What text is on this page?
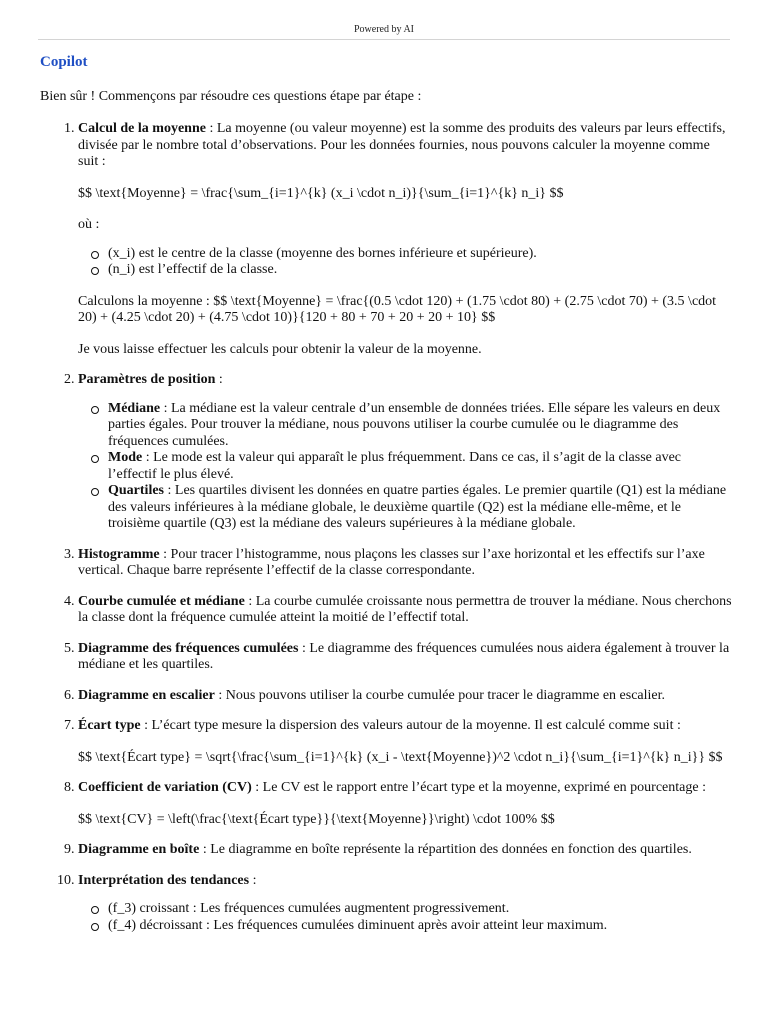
Powered by AI
Copilot

Bien sûr ! Commençons par résoudre ces questions étape par étape :

1. Calcul de la moyenne : La moyenne (ou valeur moyenne) est la somme des produits des valeurs par leurs effectifs, divisée par le nombre total d’observations. Pour les données fournies, nous pouvons calculer la moyenne comme suit :

$$ \text{Moyenne} = \frac{\sum_{i=1}^{k} (x_i \cdot n_i)}{\sum_{i=1}^{k} n_i} $$

où :

(x_i) est le centre de la classe (moyenne des bornes inférieure et supérieure).
(n_i) est l’effectif de la classe.

Calculons la moyenne : $$ \text{Moyenne} = \frac{(0.5 \cdot 120) + (1.75 \cdot 80) + (2.75 \cdot 70) + (3.5 \cdot 20) + (4.25 \cdot 20) + (4.75 \cdot 10)}{120 + 80 + 70 + 20 + 20 + 10} $$

Je vous laisse effectuer les calculs pour obtenir la valeur de la moyenne.

2. Paramètres de position :

Médiane : La médiane est la valeur centrale d’un ensemble de données triées. Elle sépare les valeurs en deux parties égales. Pour trouver la médiane, nous pouvons utiliser la courbe cumulée ou le diagramme des fréquences cumulées.
Mode : Le mode est la valeur qui apparaît le plus fréquemment. Dans ce cas, il s’agit de la classe avec l’effectif le plus élevé.
Quartiles : Les quartiles divisent les données en quatre parties égales. Le premier quartile (Q1) est la médiane des valeurs inférieures à la médiane globale, le deuxième quartile (Q2) est la médiane elle-même, et le troisième quartile (Q3) est la médiane des valeurs supérieures à la médiane globale.

3. Histogramme : Pour tracer l’histogramme, nous plaçons les classes sur l’axe horizontal et les effectifs sur l’axe vertical. Chaque barre représente l’effectif de la classe correspondante.

4. Courbe cumulée et médiane : La courbe cumulée croissante nous permettra de trouver la médiane. Nous cherchons la classe dont la fréquence cumulée atteint la moitié de l’effectif total.

5. Diagramme des fréquences cumulées : Le diagramme des fréquences cumulées nous aidera également à trouver la médiane et les quartiles.

6. Diagramme en escalier : Nous pouvons utiliser la courbe cumulée pour tracer le diagramme en escalier.

7. Écart type : L’écart type mesure la dispersion des valeurs autour de la moyenne. Il est calculé comme suit :

$$ \text{Écart type} = \sqrt{\frac{\sum_{i=1}^{k} (x_i - \text{Moyenne})^2 \cdot n_i}{\sum_{i=1}^{k} n_i}} $$

8. Coefficient de variation (CV) : Le CV est le rapport entre l’écart type et la moyenne, exprimé en pourcentage :

$$ \text{CV} = \left(\frac{\text{Écart type}}{\text{Moyenne}}\right) \cdot 100% $$

9. Diagramme en boîte : Le diagramme en boîte représente la répartition des données en fonction des quartiles.

10. Interprétation des tendances :

(f_3) croissant : Les fréquences cumulées augmentent progressivement.
(f_4) décroissant : Les fréquences cumulées diminuent après avoir atteint leur maximum.
